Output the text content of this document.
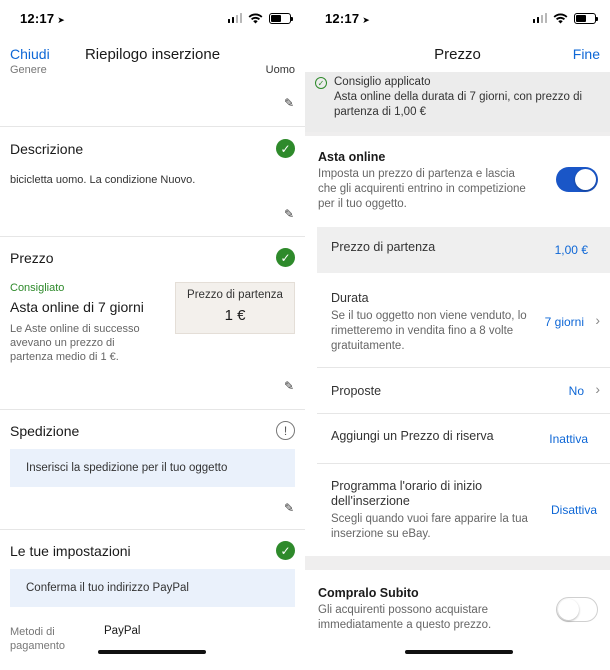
12:17 ➤
Chiudi Riepilogo inserzione
Genere	Uomo
✎
Descrizione	✓
bicicletta uomo. La condizione Nuovo.
✎
Prezzo	✓
Consigliato
Asta online di 7 giorni
Le Aste online di successo avevano un prezzo di partenza medio di 1 €.
Prezzo di partenza
1 €
✎
Spedizione	!
Inserisci la spedizione per il tuo oggetto
✎
Le tue impostazioni	✓
Conferma il tuo indirizzo PayPal
Metodi di pagamento
PayPal
12:17 ➤
Prezzo	Fine
✓ Consiglio applicato
Asta online della durata di 7 giorni, con prezzo di partenza di 1,00 €
Asta online
Imposta un prezzo di partenza e lascia che gli acquirenti entrino in competizione per il tuo oggetto.
Prezzo di partenza	1,00 €
Durata
Se il tuo oggetto non viene venduto, lo rimetteremo in vendita fino a 8 volte gratuitamente.
7 giorni ›
Proposte	No ›
Aggiungi un Prezzo di riserva	Inattiva
Programma l'orario di inizio dell'inserzione
Scegli quando vuoi fare apparire la tua inserzione su eBay.
Disattiva
Compralo Subito
Gli acquirenti possono acquistare immediatamente a questo prezzo.
